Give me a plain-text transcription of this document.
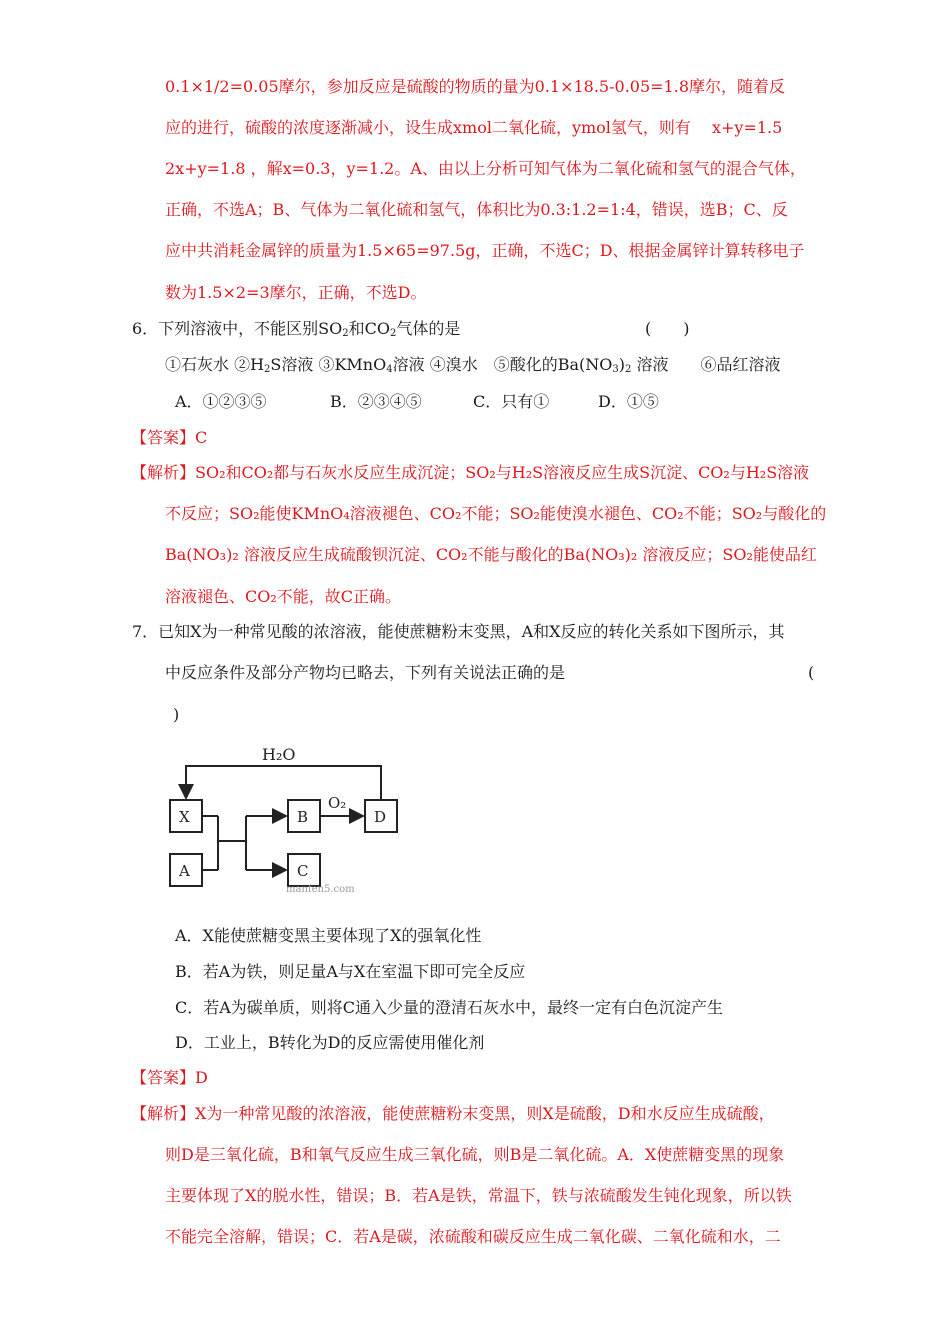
0.1×1/2=0.05摩尔，参加反应是硫酸的物质的量为0.1×18.5-0.05=1.8摩尔，随着反
应的进行，硫酸的浓度逐渐减小，设生成xmol二氧化硫，ymol氢气，则有　 x+y=1.5
2x+y=1.8 ，解x=0.3，y=1.2。A、由以上分析可知气体为二氧化硫和氢气的混合气体，
正确，不选A；B、气体为二氧化硫和氢气，体积比为0.3:1.2=1:4，错误，选B；C、反
应中共消耗金属锌的质量为1.5×65=97.5g，正确，不选C；D、根据金属锌计算转移电子
数为1.5×2=3摩尔，正确，不选D。
6．下列溶液中，不能区别$SO_2$和$CO_2$气体的是	(　　)
①石灰水 $②H_2S$溶液 ③KMnO$_4$溶液 ④溴水　⑤酸化的$Ba(NO_3)_2$ 溶液　　⑥品红溶液
A．①②③⑤	B．②③④⑤	C．只有①	D．①⑤
【答案】C
【解析】SO₂和CO₂都与石灰水反应生成沉淀；SO₂与H₂S溶液反应生成S沉淀、CO₂与H₂S溶液
不反应；SO₂能使KMnO₄溶液褪色、CO₂不能；SO₂能使溴水褪色、CO₂不能；SO₂与酸化的
Ba(NO₃)₂ 溶液反应生成硫酸钡沉淀、CO₂不能与酸化的Ba(NO₃)₂ 溶液反应；SO₂能使品红
溶液褪色、CO₂不能，故C正确。
7．已知X为一种常见酸的浓溶液，能使蔗糖粉末变黑，A和X反应的转化关系如下图所示，其
中反应条件及部分产物均已略去，下列有关说法正确的是	(
)
H₂O
X
A
B
C
D
O₂
manfen5.com
A．X能使蔗糖变黑主要体现了X的强氧化性
B．若A为铁，则足量A与X在室温下即可完全反应
C．若A为碳单质，则将C通入少量的澄清石灰水中，最终一定有白色沉淀产生
D．工业上，B转化为D的反应需使用催化剂
【答案】D
【解析】X为一种常见酸的浓溶液，能使蔗糖粉末变黑，则X是硫酸，D和水反应生成硫酸，
则D是三氧化硫，B和氧气反应生成三氧化硫，则B是二氧化硫。A．X使蔗糖变黑的现象
主要体现了X的脱水性，错误；B．若A是铁，常温下，铁与浓硫酸发生钝化现象，所以铁
不能完全溶解，错误；C．若A是碳，浓硫酸和碳反应生成二氧化碳、二氧化硫和水，二
